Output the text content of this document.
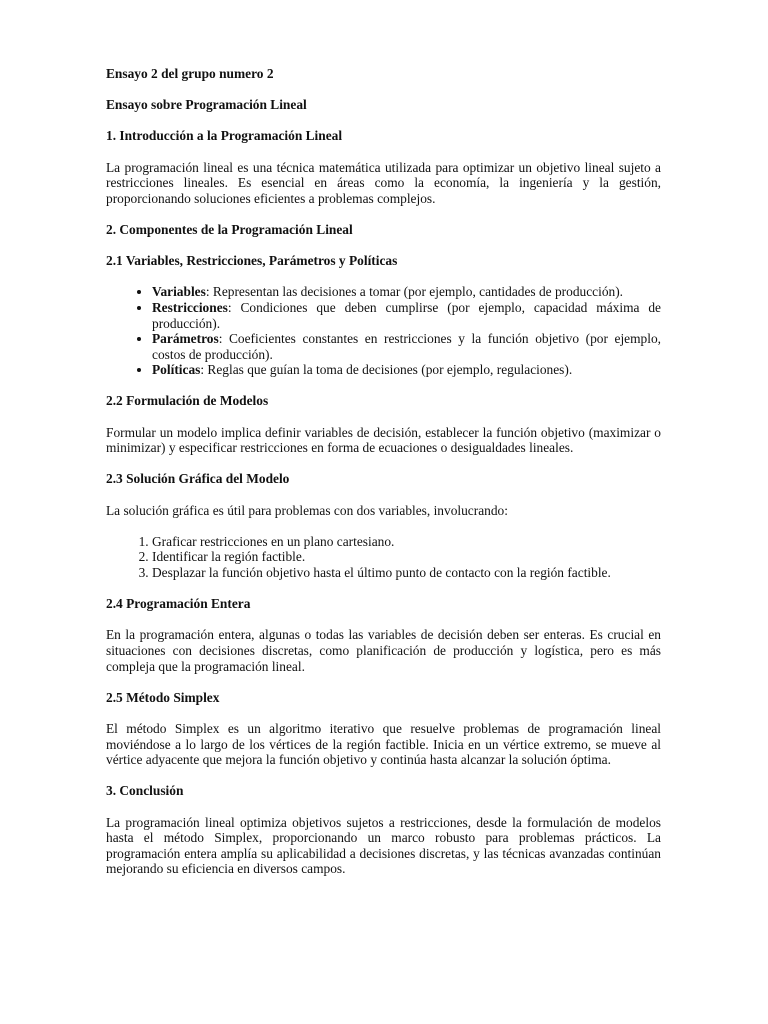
Ensayo 2 del grupo numero 2

Ensayo sobre Programación Lineal

1. Introducción a la Programación Lineal

La programación lineal es una técnica matemática utilizada para optimizar un objetivo lineal sujeto a restricciones lineales. Es esencial en áreas como la economía, la ingeniería y la gestión, proporcionando soluciones eficientes a problemas complejos.

2. Componentes de la Programación Lineal

2.1 Variables, Restricciones, Parámetros y Políticas

• Variables: Representan las decisiones a tomar (por ejemplo, cantidades de producción).
• Restricciones: Condiciones que deben cumplirse (por ejemplo, capacidad máxima de producción).
• Parámetros: Coeficientes constantes en restricciones y la función objetivo (por ejemplo, costos de producción).
• Políticas: Reglas que guían la toma de decisiones (por ejemplo, regulaciones).

2.2 Formulación de Modelos

Formular un modelo implica definir variables de decisión, establecer la función objetivo (maximizar o minimizar) y especificar restricciones en forma de ecuaciones o desigualdades lineales.

2.3 Solución Gráfica del Modelo

La solución gráfica es útil para problemas con dos variables, involucrando:

1. Graficar restricciones en un plano cartesiano.
2. Identificar la región factible.
3. Desplazar la función objetivo hasta el último punto de contacto con la región factible.

2.4 Programación Entera

En la programación entera, algunas o todas las variables de decisión deben ser enteras. Es crucial en situaciones con decisiones discretas, como planificación de producción y logística, pero es más compleja que la programación lineal.

2.5 Método Simplex

El método Simplex es un algoritmo iterativo que resuelve problemas de programación lineal moviéndose a lo largo de los vértices de la región factible. Inicia en un vértice extremo, se mueve al vértice adyacente que mejora la función objetivo y continúa hasta alcanzar la solución óptima.

3. Conclusión

La programación lineal optimiza objetivos sujetos a restricciones, desde la formulación de modelos hasta el método Simplex, proporcionando un marco robusto para problemas prácticos. La programación entera amplía su aplicabilidad a decisiones discretas, y las técnicas avanzadas continúan mejorando su eficiencia en diversos campos.
